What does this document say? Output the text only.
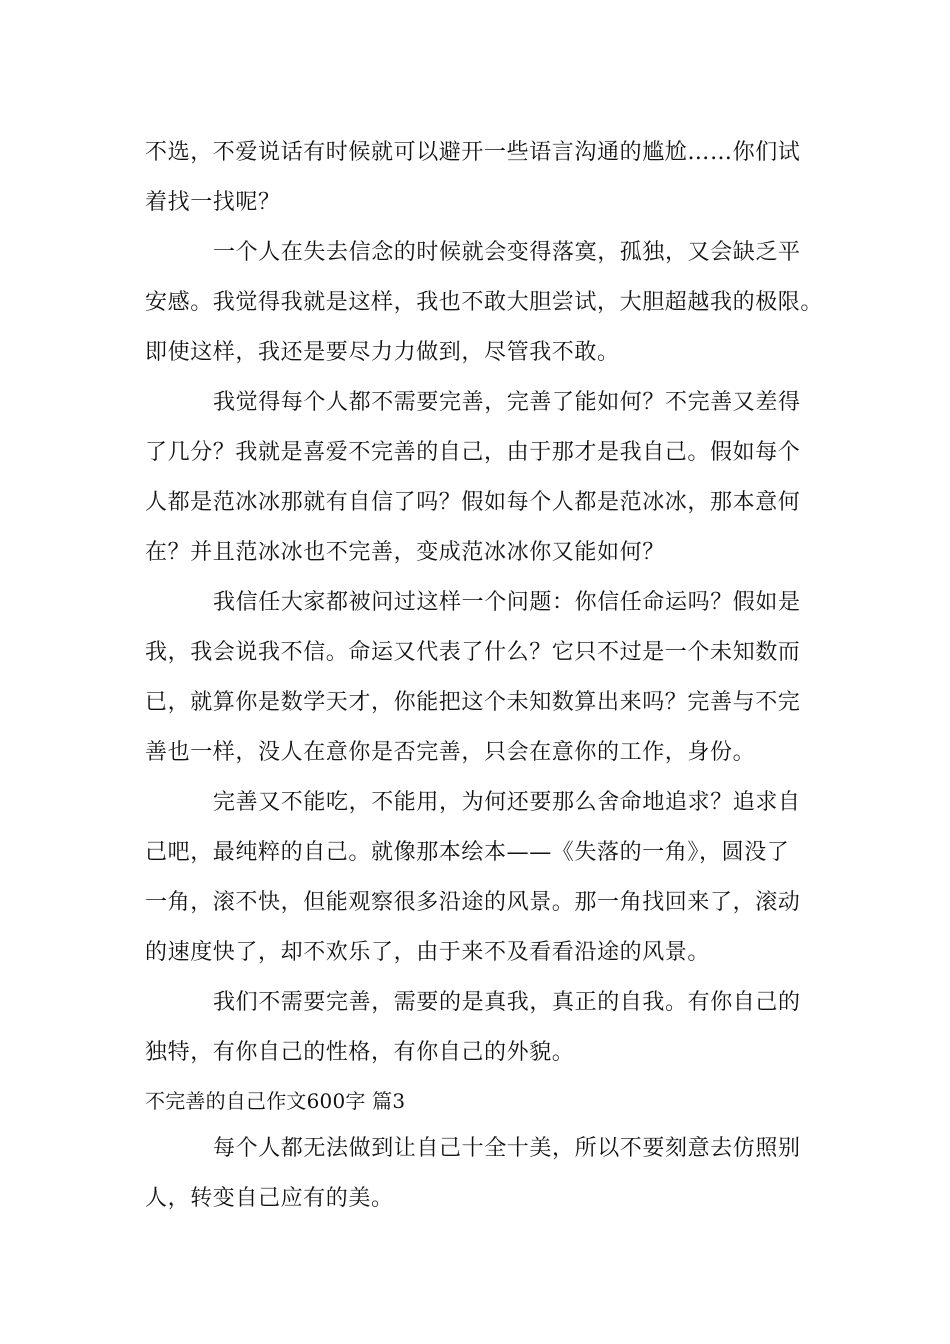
不选，不爱说话有时候就可以避开一些语言沟通的尴尬……你们试
着找一找呢？
一个人在失去信念的时候就会变得落寞，孤独，又会缺乏平
安感。我觉得我就是这样，我也不敢大胆尝试，大胆超越我的极限。
即使这样，我还是要尽力力做到，尽管我不敢。
我觉得每个人都不需要完善，完善了能如何？不完善又差得
了几分？我就是喜爱不完善的自己，由于那才是我自己。假如每个
人都是范冰冰那就有自信了吗？假如每个人都是范冰冰，那本意何
在？并且范冰冰也不完善，变成范冰冰你又能如何？
我信任大家都被问过这样一个问题：你信任命运吗？假如是
我，我会说我不信。命运又代表了什么？它只不过是一个未知数而
已，就算你是数学天才，你能把这个未知数算出来吗？完善与不完
善也一样，没人在意你是否完善，只会在意你的工作，身份。
完善又不能吃，不能用，为何还要那么舍命地追求？追求自
己吧，最纯粹的自己。就像那本绘本——《失落的一角》，圆没了
一角，滚不快，但能观察很多沿途的风景。那一角找回来了，滚动
的速度快了，却不欢乐了，由于来不及看看沿途的风景。
我们不需要完善，需要的是真我，真正的自我。有你自己的
独特，有你自己的性格，有你自己的外貌。
不完善的自己作文600字 篇3
每个人都无法做到让自己十全十美，所以不要刻意去仿照别
人，转变自己应有的美。
